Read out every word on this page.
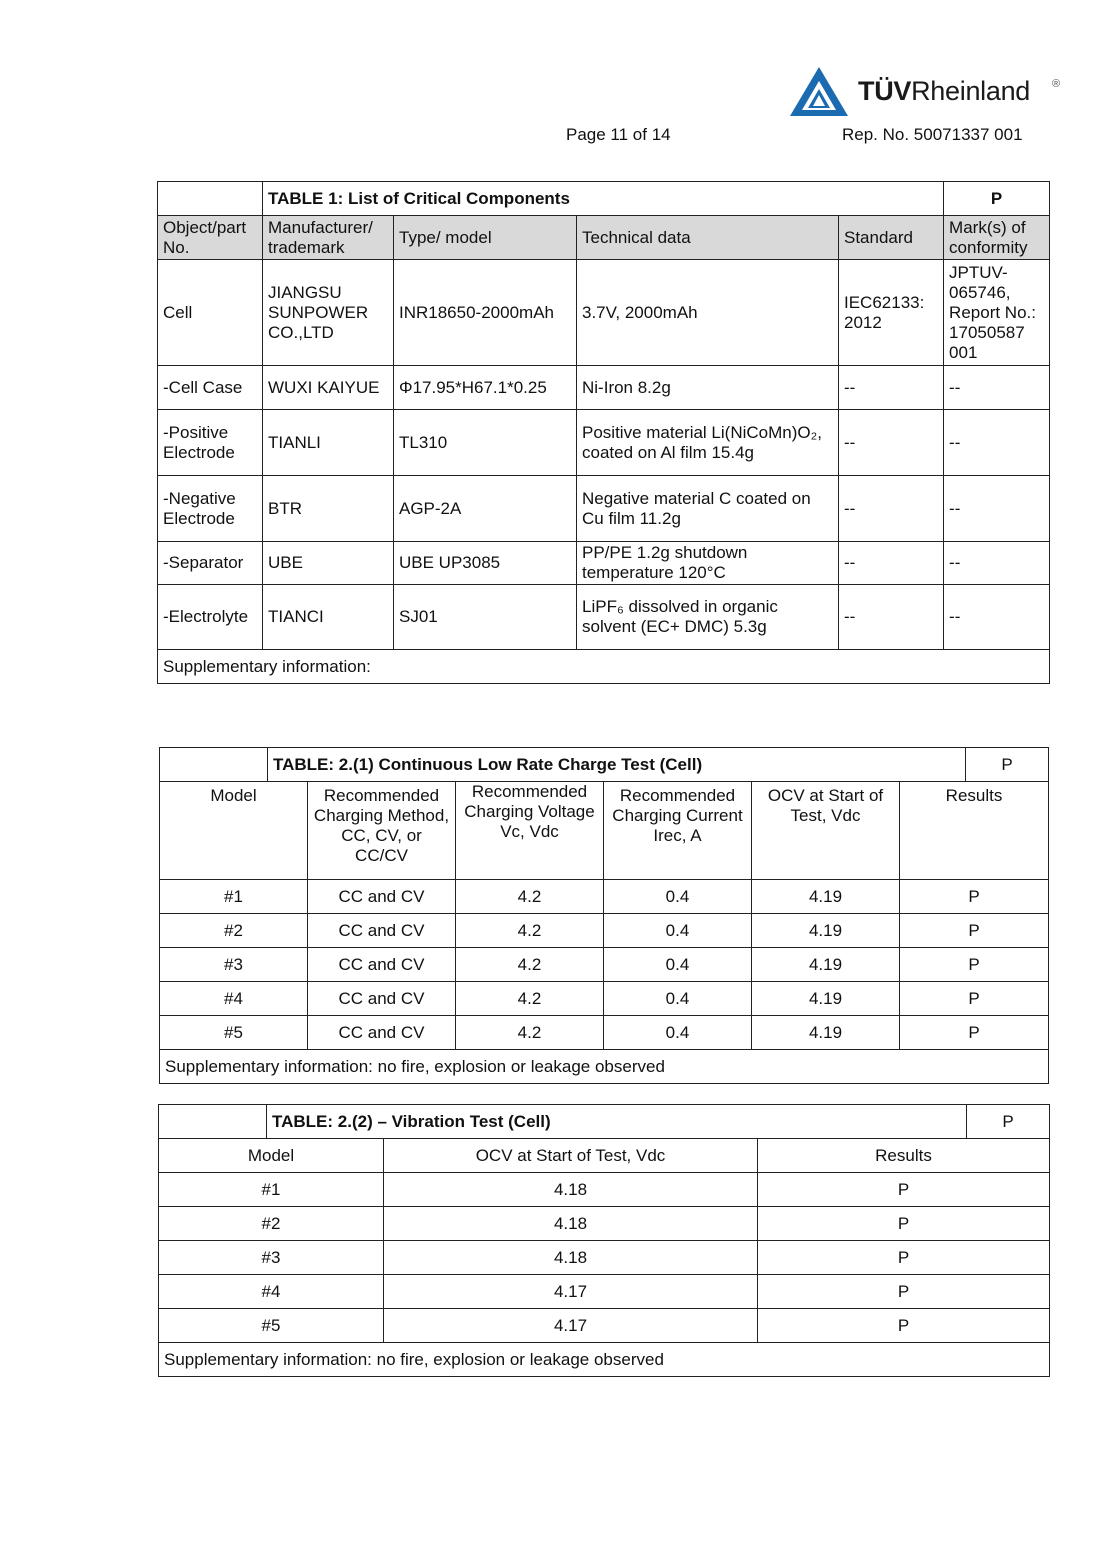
TÜVRheinland ®
Page 11 of 14	Rep. No. 50071337 001
	TABLE 1: List of Critical Components				P
Object/part No.	Manufacturer/ trademark	Type/ model	Technical data	Standard	Mark(s) of conformity
Cell	JIANGSU SUNPOWER CO.,LTD	INR18650-2000mAh	3.7V, 2000mAh	IEC62133: 2012	JPTUV-065746, Report No.: 17050587 001
-Cell Case	WUXI KAIYUE	Φ17.95*H67.1*0.25	Ni-Iron 8.2g	--	--
-Positive Electrode	TIANLI	TL310	Positive material Li(NiCoMn)O₂, coated on Al film 15.4g	--	--
-Negative Electrode	BTR	AGP-2A	Negative material C coated on Cu film 11.2g	--	--
-Separator	UBE	UBE UP3085	PP/PE 1.2g shutdown temperature 120°C	--	--
-Electrolyte	TIANCI	SJ01	LiPF₆ dissolved in organic solvent (EC+ DMC) 5.3g	--	--
Supplementary information:					
	TABLE: 2.(1) Continuous Low Rate Charge Test (Cell)						P
Model		Recommended Charging Method, CC, CV, or CC/CV	Recommended Charging Voltage Vc, Vdc	Recommended Charging Current Irec, A	OCV at Start of Test, Vdc	Results	
#1		CC and CV	4.2	0.4	4.19	P	
#2		CC and CV	4.2	0.4	4.19	P	
#3		CC and CV	4.2	0.4	4.19	P	
#4		CC and CV	4.2	0.4	4.19	P	
#5		CC and CV	4.2	0.4	4.19	P	
Supplementary information: no fire, explosion or leakage observed							
	TABLE: 2.(2) – Vibration Test (Cell)			P
Model		OCV at Start of Test, Vdc	Results	
#1		4.18	P	
#2		4.18	P	
#3		4.18	P	
#4		4.17	P	
#5		4.17	P	
Supplementary information: no fire, explosion or leakage observed				
